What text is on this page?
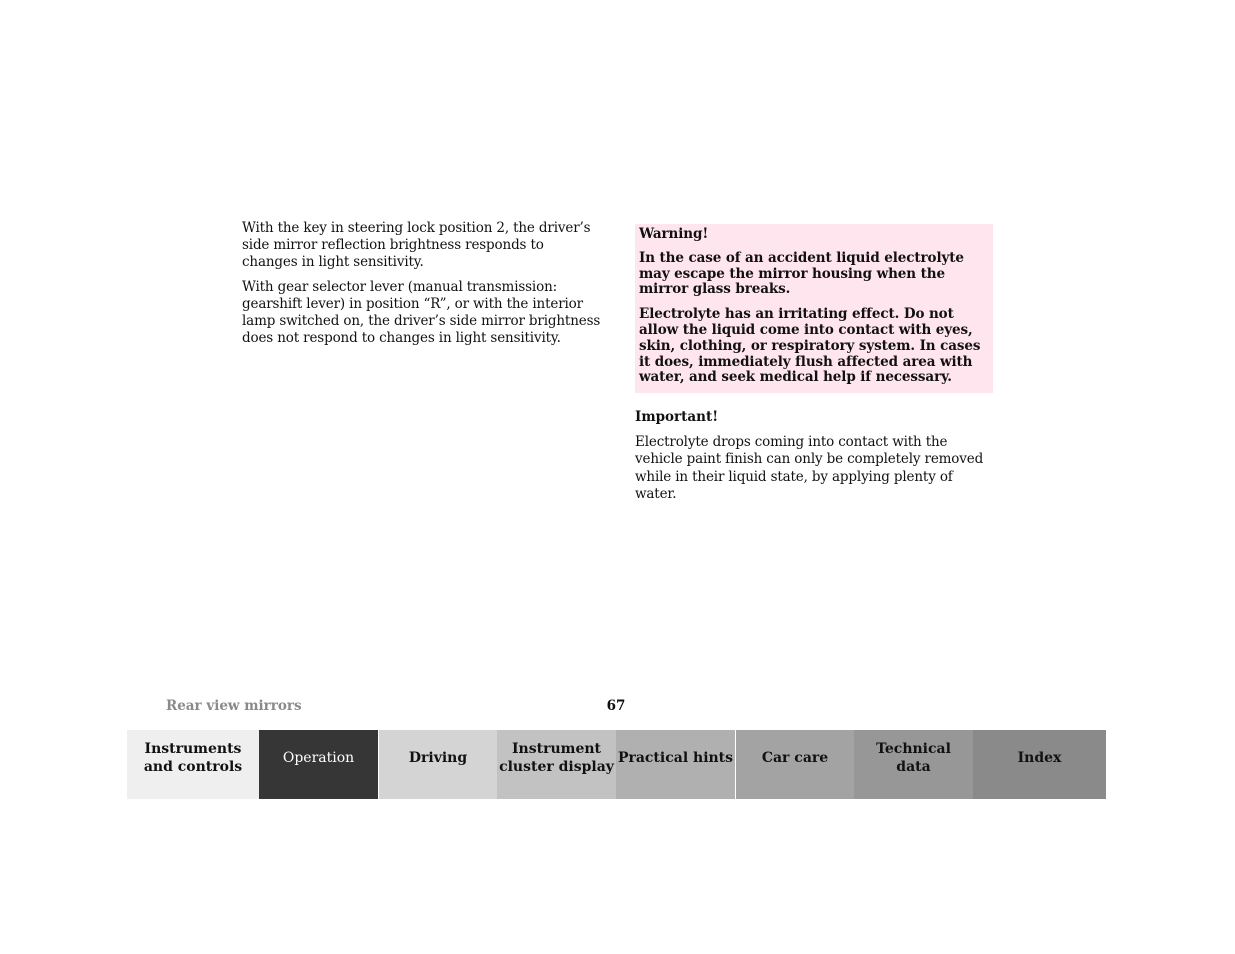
With the key in steering lock position 2, the driver’s side mirror reflection brightness responds to changes in light sensitivity.

With gear selector lever (manual transmission: gearshift lever) in position “R”, or with the interior lamp switched on, the driver’s side mirror brightness does not respond to changes in light sensitivity.

Warning!

In the case of an accident liquid electrolyte may escape the mirror housing when the mirror glass breaks.

Electrolyte has an irritating effect. Do not allow the liquid come into contact with eyes, skin, clothing, or respiratory system. In cases it does, immediately flush affected area with water, and seek medical help if necessary.

Important!
Electrolyte drops coming into contact with the vehicle paint finish can only be completely removed while in their liquid state, by applying plenty of water.
Rear view mirrors	67
Instruments
and controls
Operation	Driving
Instrument
cluster display
Practical hints Car care
Technical
data
Index
